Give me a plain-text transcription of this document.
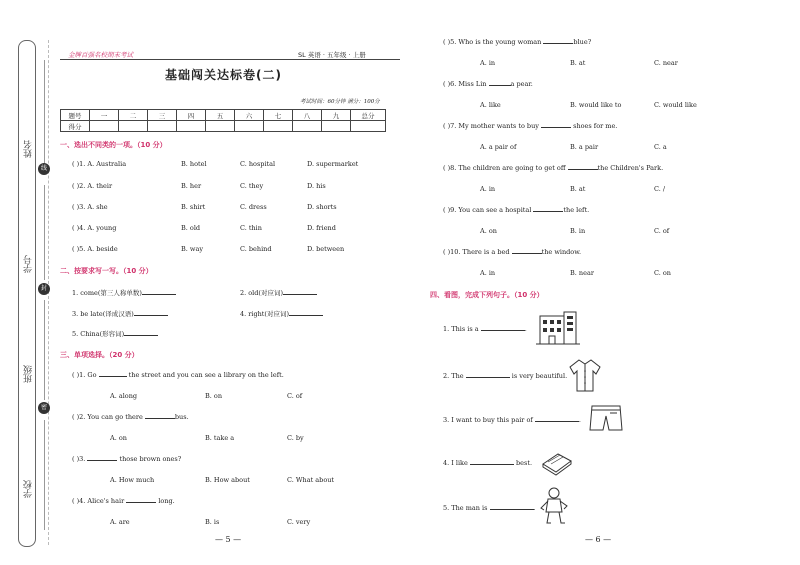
姓名
线
学号
封
班级
密
学校
金牌百强名校期末考试	SL 英语 · 五年级 · 上册
基础闯关达标卷(二)
考试时间：60分钟 满分：100分
题号	一	二	三	四	五	六	七	八	九	总分
得分										
一、选出不同类的一项。（10 分）
( )1. A. Australia	B. hotel	C. hospital	D. supermarket
( )2. A. their	B. her	C. they	D. his
( )3. A. she	B. shirt	C. dress	D. shorts
( )4. A. young	B. old	C. thin	D. friend
( )5. A. beside	B. way	C. behind	D. between
二、按要求写一写。（10 分）
1. come(第三人称单数)	2. old(对应词)
3. be late(译成汉语)	4. right(对应词)
5. China(形容词)
三、单项选择。（20 分）
( )1. Go	the street and you can see a library on the left.
A. along	B. on	C. of
( )2. You can go there	bus.
A. on	B. take a	C. by
( )3.	those brown ones?
A. How much	B. How about	C. What about
( )4. Alice's hair	long.
A. are	B. is	C. very
— 5 —
( )5. Who is the young woman	blue?
A. in	B. at	C. near
( )6. Miss Lin	a pear.
A. like	B. would like to	C. would like
( )7. My mother wants to buy	shoes for me.
A. a pair of	B. a pair	C. a
( )8. The children are going to get off	the Children's Park.
A. in	B. at	C. /
( )9. You can see a hospital	the left.
A. on	B. in	C. of
( )10. There is a bed	the window.
A. in	B. near	C. on
四、看图，完成下列句子。（10 分）
1. This is a	.
2. The	is very beautiful.
3. I want to buy this pair of	.
4. I like	best.
5. The man is	.
— 6 —
